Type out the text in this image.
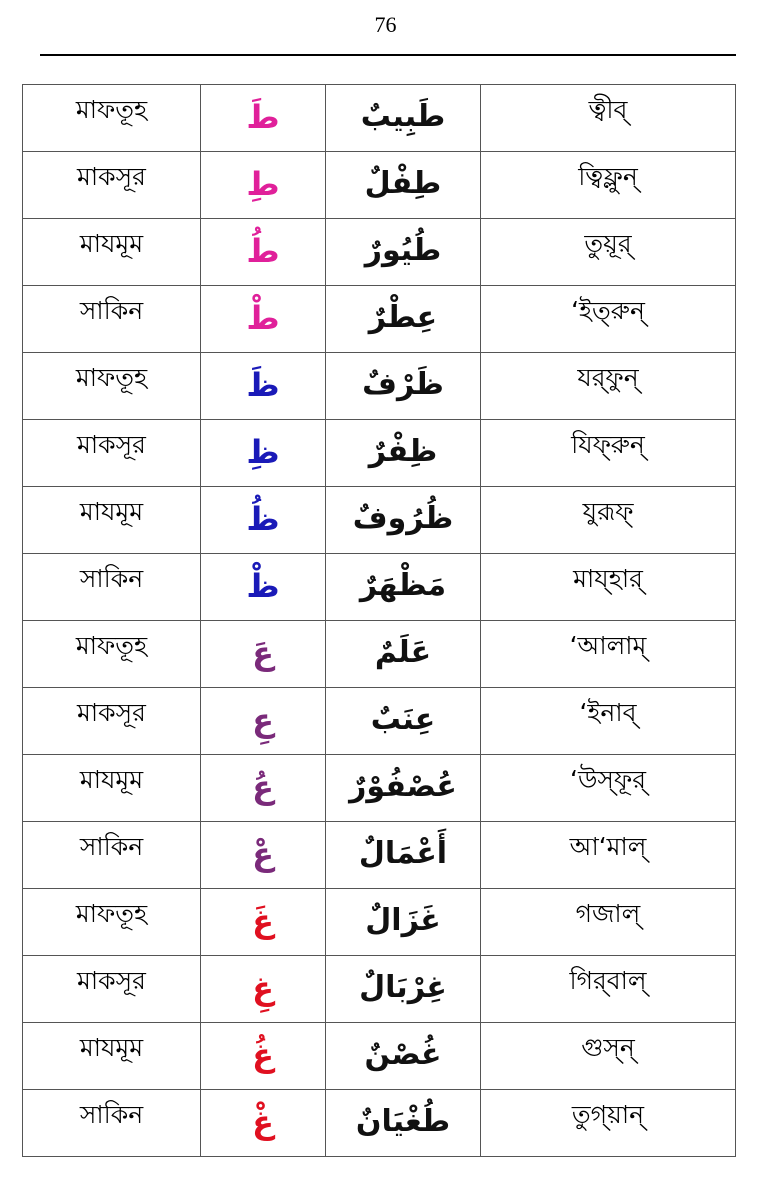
76
মাফতূহ	طَ	طَبِيبٌ	ত্বীব্

মাকসূর	طِ	طِفْلٌ	ত্বিফ্লুন্

মাযমূম	طُ	طُيُورٌ	তুয়ূর্

সাকিন	طْ	عِطْرٌ	‘ইত্‌রুন্

মাফতূহ	ظَ	ظَرْفٌ	যর্‌ফুন্

মাকসূর	ظِ	ظِفْرٌ	যিফ্‌রুন্

মাযমূম	ظُ	ظُرُوفٌ	যুরূফ্

সাকিন	ظْ	مَظْهَرٌ	মায্‌হার্

মাফতূহ	عَ	عَلَمٌ	‘আলাম্

মাকসূর	عِ	عِنَبٌ	‘ইনাব্

মাযমূম	عُ	عُصْفُوْرٌ	‘উস্‌ফূর্

সাকিন	عْ	أَعْمَالٌ	আ‘মাল্

মাফতূহ	غَ	غَزَالٌ	গজাল্

মাকসূর	غِ	غِرْبَالٌ	গির্‌বাল্

মাযমূম	غُ	غُصْنٌ	গুস্‌ন্

সাকিন	غْ	طُغْيَانٌ	তুগ্‌য়ান্
